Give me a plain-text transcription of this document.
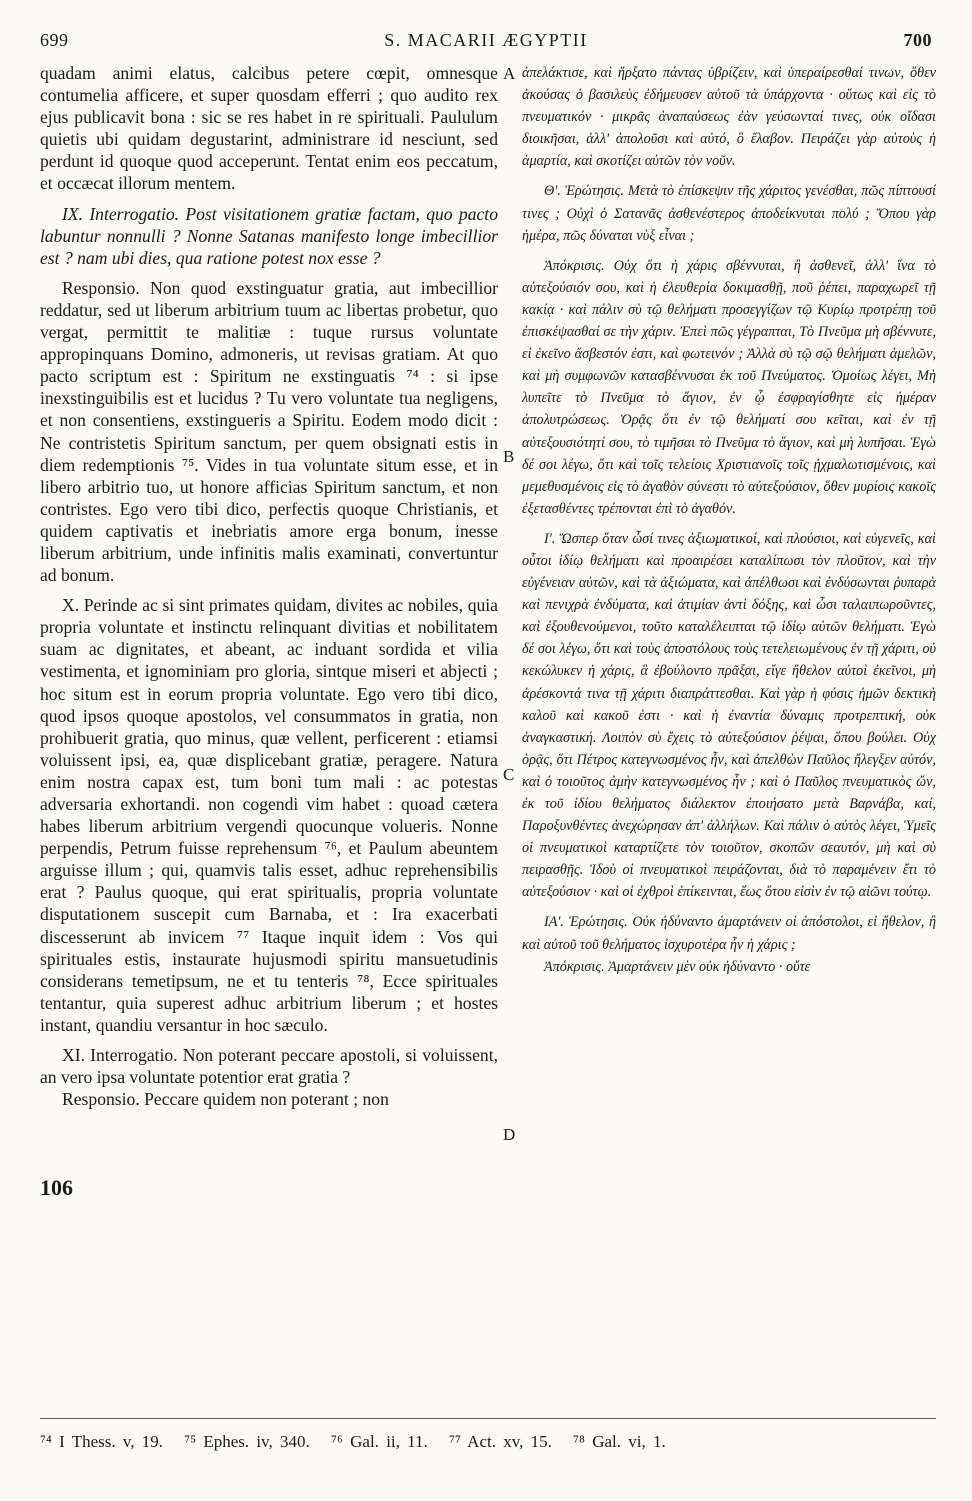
699	S. MACARII ÆGYPTII	700

quadam animi elatus, calcibus petere cœpit, omnesque contumelia afficere, et super quosdam efferri ; quo audito rex ejus publicavit bona : sic se res habet in re spirituali. Paululum quietis ubi quidam degustarint, administrare id nesciunt, sed perdunt id quoque quod acceperunt. Tentat enim eos peccatum, et occæcat illorum mentem.

IX. Interrogatio. Post visitationem gratiæ factam, quo pacto labuntur nonnulli ? Nonne Satanas manifesto longe imbecillior est ? nam ubi dies, qua ratione potest nox esse ?

Responsio. Non quod exstinguatur gratia, aut imbecillior reddatur, sed ut liberum arbitrium tuum ac libertas probetur, quo vergat, permittit te malitiæ : tuque rursus voluntate appropinquans Domino, admoneris, ut revisas gratiam. At quo pacto scriptum est : Spiritum ne exstinguatis ⁷⁴ : si ipse inexstinguibilis est et lucidus ? Tu vero voluntate tua negligens, et non consentiens, exstingueris a Spiritu. Eodem modo dicit : Ne contristetis Spiritum sanctum, per quem obsignati estis in diem redemptionis ⁷⁵. Vides in tua voluntate situm esse, et in libero arbitrio tuo, ut honore afficias Spiritum sanctum, et non contristes. Ego vero tibi dico, perfectis quoque Christianis, et quidem captivatis et inebriatis amore erga bonum, inesse liberum arbitrium, unde infinitis malis examinati, convertuntur ad bonum.

X. Perinde ac si sint primates quidam, divites ac nobiles, quia propria voluntate et instinctu relinquant divitias et nobilitatem suam ac dignitates, et abeant, ac induant sordida et vilia vestimenta, et ignominiam pro gloria, sintque miseri et abjecti ; hoc situm est in eorum propria voluntate. Ego vero tibi dico, quod ipsos quoque apostolos, vel consummatos in gratia, non prohibuerit gratia, quo minus, quæ vellent, perficerent : etiamsi voluissent ipsi, ea, quæ displicebant gratiæ, peragere. Natura enim nostra capax est, tum boni tum mali : ac potestas adversaria exhortandi. non cogendi vim habet : quoad cætera habes liberum arbitrium vergendi quocunque volueris. Nonne perpendis, Petrum fuisse reprehensum ⁷⁶, et Paulum abeuntem arguisse illum ; qui, quamvis talis esset, adhuc reprehensibilis erat ? Paulus quoque, qui erat spiritualis, propria voluntate disputationem suscepit cum Barnaba, et : Ira exacerbati discesserunt ab invicem ⁷⁷ Itaque inquit idem : Vos qui spirituales estis, instaurate hujusmodi spiritu mansuetudinis considerans temetipsum, ne et tu tenteris ⁷⁸, Ecce spirituales tentantur, quia superest adhuc arbitrium liberum ; et hostes instant, quandiu versantur in hoc sæculo.

XI. Interrogatio. Non poterant peccare apostoli, si voluissent, an vero ipsa voluntate potentior erat gratia ?

Responsio. Peccare quidem non poterant ; non

A
B
C
D
106

ἀπελάκτισε, καὶ ἤρξατο πάντας ὑβρίζειν, καὶ ὑπεραίρεσθαί τινων, ὅθεν ἀκούσας ὁ βασιλεὺς ἐδήμευσεν αὐτοῦ τὰ ὑπάρχοντα · οὕτως καὶ εἰς τὸ πνευματικόν · μικρᾶς ἀναπαύσεως ἐὰν γεύσωνταί τινες, οὐκ οἴδασι διοικῆσαι, ἀλλ' ἀπολοῦσι καὶ αὐτό, ὃ ἔλαβον. Πειράζει γὰρ αὐτοὺς ἡ ἁμαρτία, καὶ σκοτίζει αὐτῶν τὸν νοῦν.

Θ'. Ἐρώτησις. Μετὰ τὸ ἐπίσκεψιν τῆς χάριτος γενέσθαι, πῶς πίπτουσί τινες ; Οὐχὶ ὁ Σατανᾶς ἀσθενέστερος ἀποδείκνυται πολύ ; Ὅπου γὰρ ἡμέρα, πῶς δύναται νὺξ εἶναι ;

Ἀπόκρισις. Οὐχ ὅτι ἡ χάρις σβέννυται, ἢ ἀσθενεῖ, ἀλλ' ἵνα τὸ αὐτεξούσιόν σου, καὶ ἡ ἐλευθερία δοκιμασθῇ, ποῦ ῥέπει, παραχωρεῖ τῇ κακίᾳ · καὶ πάλιν σὺ τῷ θελήματι προσεγγίζων τῷ Κυρίῳ προτρέπῃ τοῦ ἐπισκέψασθαί σε τὴν χάριν. Ἐπεὶ πῶς γέγραπται, Τὸ Πνεῦμα μὴ σβέννυτε, εἰ ἐκεῖνο ἄσβεστόν ἐστι, καὶ φωτεινόν ; Ἀλλὰ σὺ τῷ σῷ θελήματι ἀμελῶν, καὶ μὴ συμφωνῶν κατασβέννυσαι ἐκ τοῦ Πνεύματος. Ὁμοίως λέγει, Μὴ λυπεῖτε τὸ Πνεῦμα τὸ ἅγιον, ἐν ᾧ ἐσφραγίσθητε εἰς ἡμέραν ἀπολυτρώσεως. Ὁρᾷς ὅτι ἐν τῷ θελήματί σου κεῖται, καὶ ἐν τῇ αὐτεξουσιότητί σου, τὸ τιμῆσαι τὸ Πνεῦμα τὸ ἅγιον, καὶ μὴ λυπῆσαι. Ἐγὼ δέ σοι λέγω, ὅτι καὶ τοῖς τελείοις Χριστιανοῖς τοῖς ᾐχμαλωτισμένοις, καὶ μεμεθυσμένοις εἰς τὸ ἀγαθὸν σύνεστι τὸ αὐτεξούσιον, ὅθεν μυρίοις κακοῖς ἐξετασθέντες τρέπονται ἐπὶ τὸ ἀγαθόν.

Ι'. Ὥσπερ ὅταν ὦσί τινες ἀξιωματικοί, καὶ πλούσιοι, καὶ εὐγενεῖς, καὶ οὗτοι ἰδίῳ θελήματι καὶ προαιρέσει καταλίπωσι τὸν πλοῦτον, καὶ τὴν εὐγένειαν αὐτῶν, καὶ τὰ ἀξιώματα, καὶ ἀπέλθωσι καὶ ἐνδύσωνται ῥυπαρὰ καὶ πενιχρὰ ἐνδύματα, καὶ ἀτιμίαν ἀντὶ δόξης, καὶ ὦσι ταλαιπωροῦντες, καὶ ἐξουθενούμενοι, τοῦτο καταλέλειπται τῷ ἰδίῳ αὐτῶν θελήματι. Ἐγὼ δέ σοι λέγω, ὅτι καὶ τοὺς ἀποστόλους τοὺς τετελειωμένους ἐν τῇ χάριτι, οὐ κεκώλυκεν ἡ χάρις, ἃ ἐβούλοντο πρᾶξαι, εἴγε ἤθελον αὐτοὶ ἐκεῖνοι, μὴ ἀρέσκοντά τινα τῇ χάριτι διαπράττεσθαι. Καὶ γὰρ ἡ φύσις ἡμῶν δεκτικὴ καλοῦ καὶ κακοῦ ἐστι · καὶ ἡ ἐναντία δύναμις προτρεπτική, οὐκ ἀναγκαστική. Λοιπὸν σὺ ἔχεις τὸ αὐτεξούσιον ῥέψαι, ὅπου βούλει. Οὐχ ὁρᾷς, ὅτι Πέτρος κατεγνωσμένος ἦν, καὶ ἀπελθὼν Παῦλος ἤλεγξεν αὐτόν, καὶ ὁ τοιοῦτος ἀμὴν κατεγνωσμένος ἦν ; καὶ ὁ Παῦλος πνευματικὸς ὤν, ἐκ τοῦ ἰδίου θελήματος διάλεκτον ἐποιήσατο μετὰ Βαρνάβα, καί, Παροξυνθέντες ἀνεχώρησαν ἀπ' ἀλλήλων. Καὶ πάλιν ὁ αὐτὸς λέγει, Ὑμεῖς οἱ πνευματικοὶ καταρτίζετε τὸν τοιοῦτον, σκοπῶν σεαυτόν, μὴ καὶ σὺ πειρασθῇς. Ἰδοὺ οἱ πνευματικοὶ πειράζονται, διὰ τὸ παραμένειν ἔτι τὸ αὐτεξούσιον · καὶ οἱ ἐχθροὶ ἐπίκεινται, ἕως ὅτου εἰσὶν ἐν τῷ αἰῶνι τούτῳ.

ΙΑ'. Ἐρώτησις. Οὐκ ἠδύναντο ἁμαρτάνειν οἱ ἀπόστολοι, εἰ ἤθελον, ἢ καὶ αὐτοῦ τοῦ θελήματος ἰσχυροτέρα ἦν ἡ χάρις ;

Ἀπόκρισις. Ἁμαρτάνειν μὲν οὐκ ἠδύναντο · οὔτε

⁷⁴ I Thess. v, 19. ⁷⁵ Ephes. iv, 340. ⁷⁶ Gal. ii, 11. ⁷⁷ Act. xv, 15. ⁷⁸ Gal. vi, 1.
